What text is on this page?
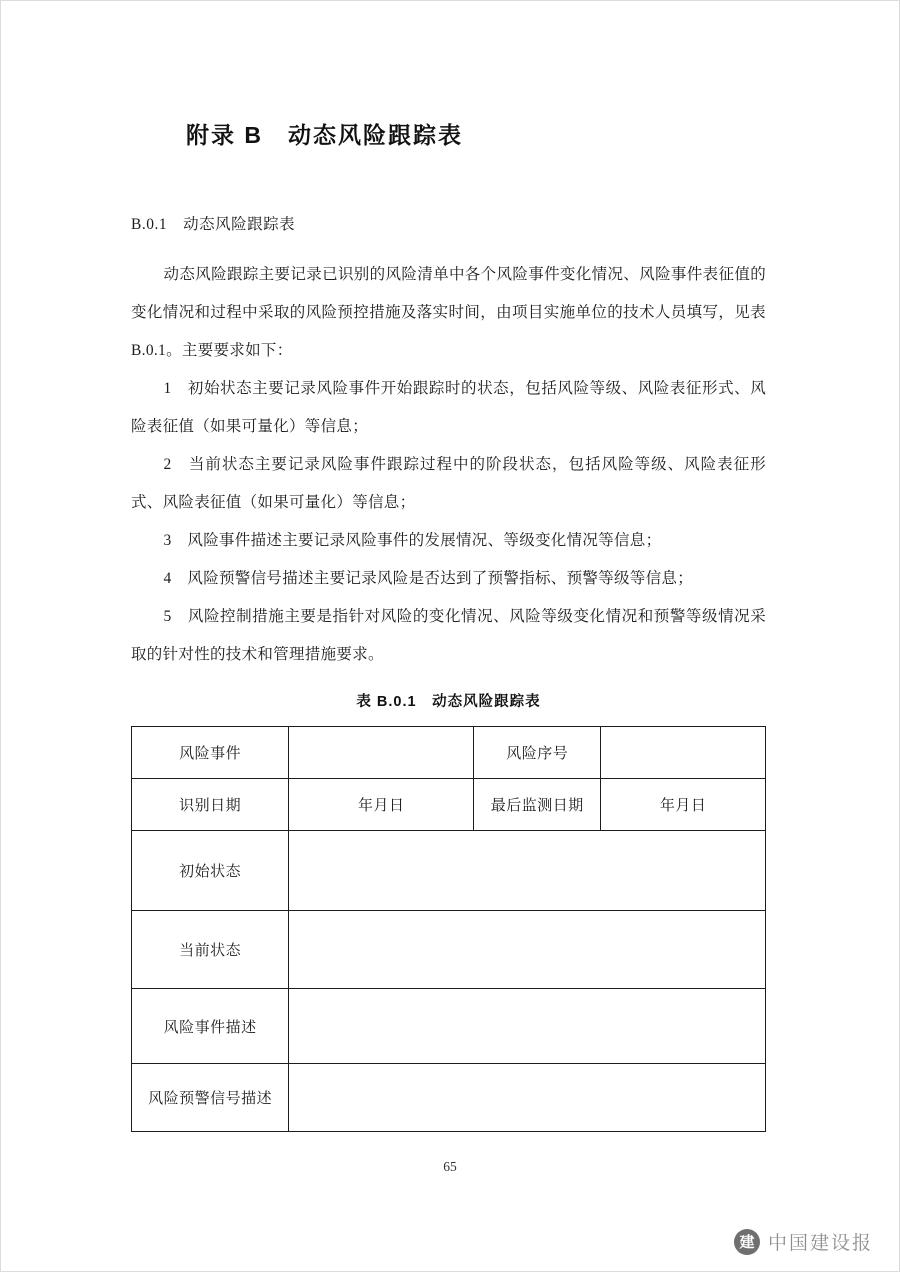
附录 B　动态风险跟踪表
B.0.1　动态风险跟踪表

动态风险跟踪主要记录已识别的风险清单中各个风险事件变化情况、风险事件表征值的变化情况和过程中采取的风险预控措施及落实时间，由项目实施单位的技术人员填写，见表 B.0.1。主要要求如下：

1　初始状态主要记录风险事件开始跟踪时的状态，包括风险等级、风险表征形式、风险表征值（如果可量化）等信息；

2　当前状态主要记录风险事件跟踪过程中的阶段状态，包括风险等级、风险表征形式、风险表征值（如果可量化）等信息；

3　风险事件描述主要记录风险事件的发展情况、等级变化情况等信息；

4　风险预警信号描述主要记录风险是否达到了预警指标、预警等级等信息；

5　风险控制措施主要是指针对风险的变化情况、风险等级变化情况和预警等级情况采取的针对性的技术和管理措施要求。

表 B.0.1　动态风险跟踪表
风险事件		风险序号	
识别日期	年月日	最后监测日期	年月日
初始状态			
当前状态			
风险事件描述			
风险预警信号描述			
65
建 中国建设报
